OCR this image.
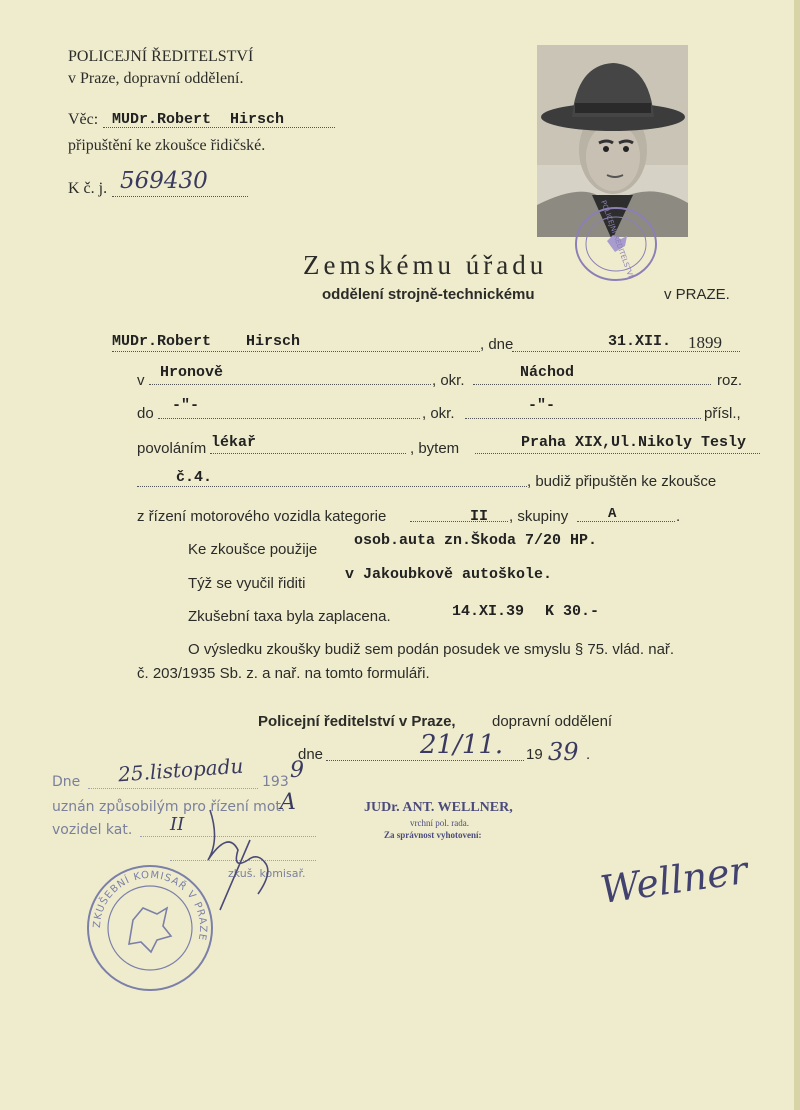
POLICEJNÍ ŘEDITELSTVÍ
v Praze, dopravní oddělení.
Věc: MUDr.Robert Hirsch
připuštění ke zkoušce řidičské.
K č. j. 569430
POLICEJNÍ ŘEDITELSTVÍ
Zemskému úřadu
oddělení strojně-technickému	v PRAZE.
MUDr.Robert Hirsch	, dne	31.XII. 1899
v Hronově	, okr.	Náchod	roz.
do -"-	, okr.	-"-	přísl.,
povoláním lékař	, bytem	Praha XIX,Ul.Nikoly Tesly
č.4.	, budiž připuštěn ke zkoušce
z řízení motorového vozidla kategorie	II , skupiny	A	.
Ke zkoušce použije
osob.auta zn.Škoda 7/20 HP.
Týž se vyučil řiditi
v Jakoubkově autoškole.
Zkušební taxa byla zaplacena.	14.XI.39 K 30.-
O výsledku zkoušky budiž sem podán posudek ve smyslu § 75. vlád. nař.
č. 203/1935 Sb. z. a nař. na tomto formuláři.
Policejní ředitelství v Praze, dopravní oddělení
dne	21/11. 19 39 .
JUDr. ANT. WELLNER,
vrchní pol. rada.
Za správnost vyhotovení:
Wellner
Dne 25.listopadu 193 9
uznán způsobilým pro řízení mot.
vozidel kat. II
A
zkuš. komisař.
ZKUŠEBNÍ KOMISAŘ V PRAZE
